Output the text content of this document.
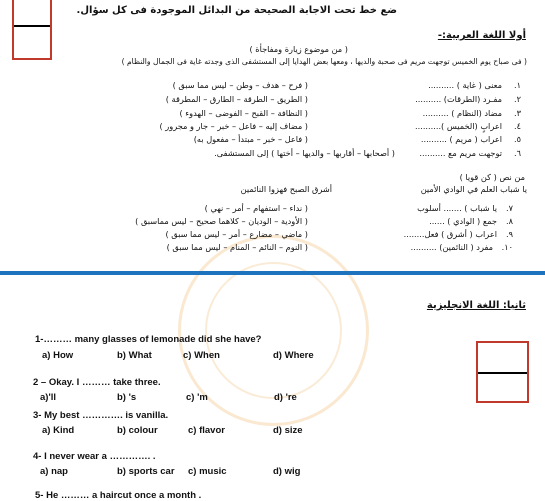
ضع خط تحت الاجابة الصحيحة من البدائل الموجودة فى كل سؤال.
أولا اللغة العربية:-
( من موضوع زيارة ومفاجأة )
( فى صباح يوم الخميس توجهت مريم فى صحبة والديها ، ومعها بعض الهدايا إلى المستشفى الذى وجدته غاية فى الجمال والنظام )
١.
معنى ( غاية ) ..........
( فرح – هدف – وطن – ليس مما سبق )
٢.
مفـرد (الطرقات) ..........
( الطريق – الطرقة – الطارق – المطرقة )
٣.
مضاد (النظام ) ..........
( النظافة – القبح – الفوضى – الهدوء )
٤.
اعرابٍ (الخميس )..........
( مضاف إليه – فاعل – خبر – جار و مجرور )
٥.
اعراب ( مريم ) ..........
( فاعل – خبر – مبتدأ – مفعول به)
٦.
توجهت مريم مع ..........
( أصحابها – أقاربها – والديها – أختها ) إلى المستشفى.
من نص ( كن قويا )
يا شباب العلم في الوادي الأمين
أشرق الصبح فهزوا النائمين
٧.
يا شباب ) ....... أسلوب
( نداء – استفهام – أمر – نهي )
٨.
جمع ( الوادي ) ......
( الأودية – الوديان – كلاهما صحيح – ليس مماسبق )
٩.
اعراب ( أشرق ) فعل........
( ماضي – مضارع – أمر – ليس مما سبق )
١٠.
مفرد ( النائمين) ..........
( النوم – النائم – المنام – ليس مما سبق )
ثانيا: اللغة الانجليزية
1-……… many glasses of lemonade did she have?
a) How	b) What	c) When	d) Where
2 – Okay. I ……… take three.
a)'ll	b) 's	c) 'm	d) 're
3- My best …………. is vanilla.
a) Kind	b) colour	c) flavor	d) size
4- I never wear a …………. .
a) nap	b) sports car c) music	d) wig
5- He ……… a haircut once a month .
